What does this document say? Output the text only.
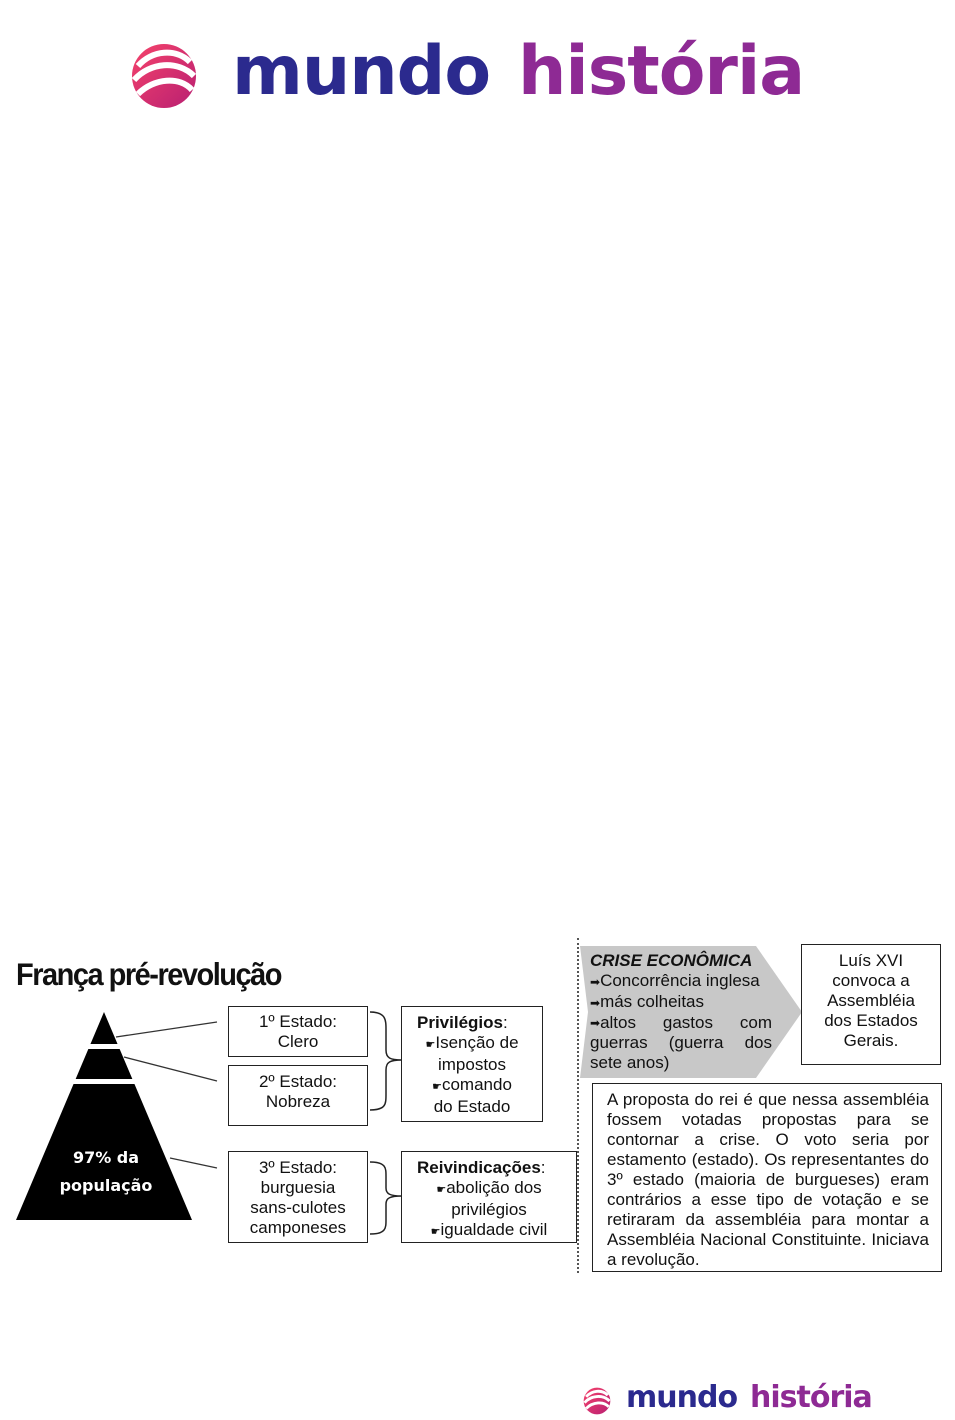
mundo história
França pré-revolução
97% da
população
1º Estado:
Clero
2º Estado:
Nobreza
3º Estado:
burguesia
sans-culotes
camponeses
Privilégios:
☛Isenção de
impostos
☛comando
do Estado
Reivindicações:
☛abolição dos
privilégios
☛igualdade civil
CRISE ECONÔMICA
➡Concorrência inglesa
➡más colheitas
➡ altos gastos com
guerras (guerra dos
sete anos)
Luís XVI
convoca a
Assembléia
dos Estados
Gerais.
A proposta do rei é que nessa assembléia fossem votadas propostas para se contornar a crise. O voto seria por estamento (estado). Os representantes do 3º estado (maioria de burgueses) eram contrários a esse tipo de votação e se retiraram da assembléia para montar a Assembléia Nacional Constituinte. Iniciava a revolução.
mundo história
